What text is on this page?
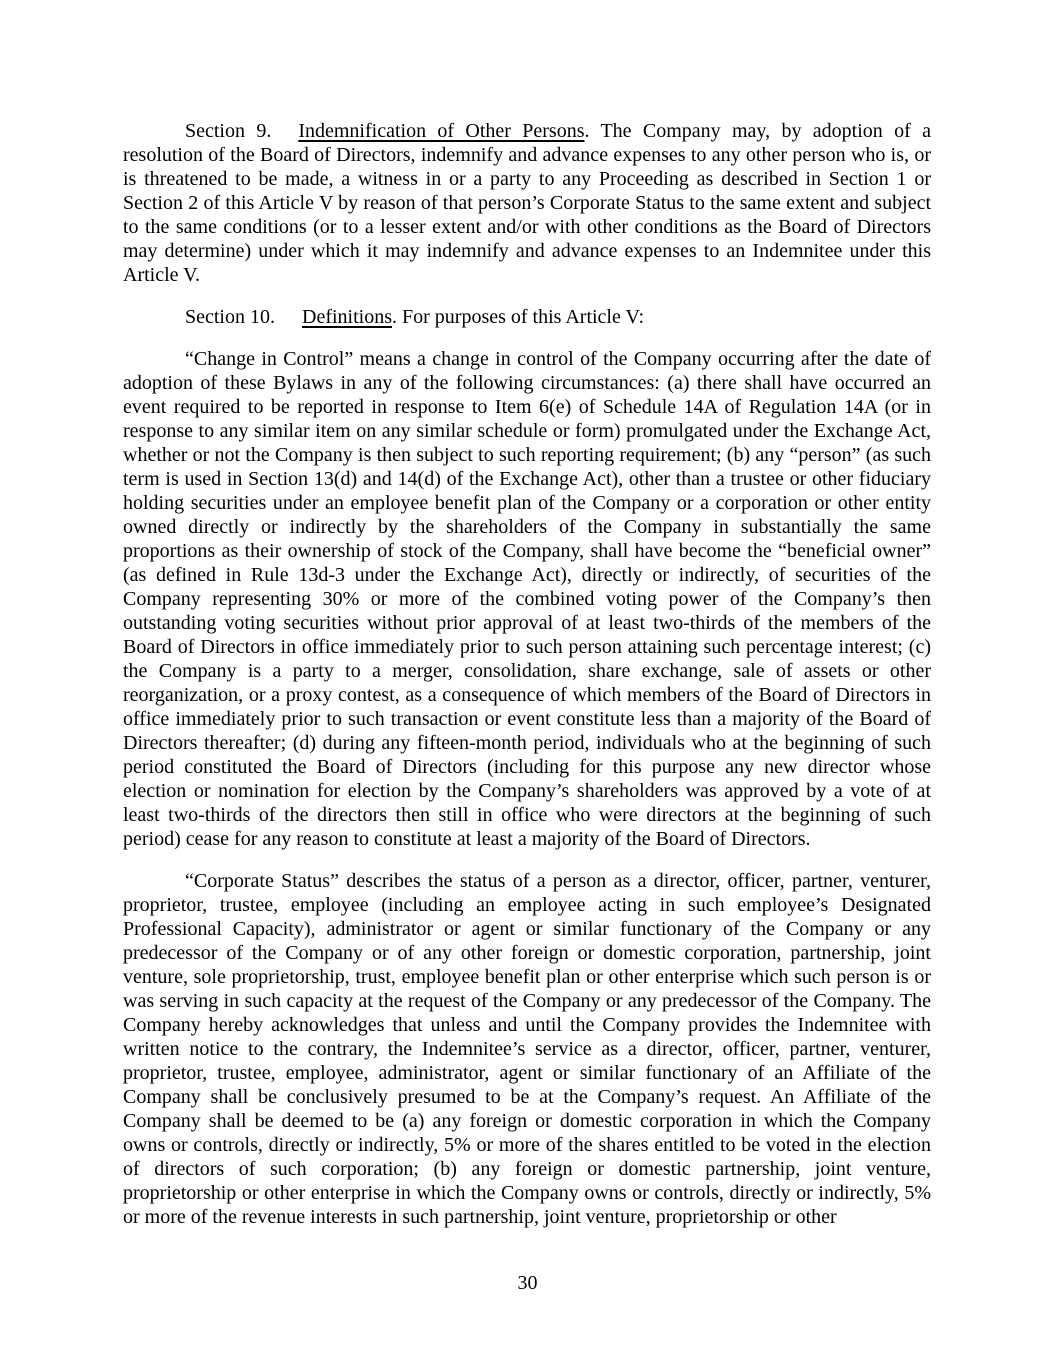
Section 9. Indemnification of Other Persons. The Company may, by adoption of a resolution of the Board of Directors, indemnify and advance expenses to any other person who is, or is threatened to be made, a witness in or a party to any Proceeding as described in Section 1 or Section 2 of this Article V by reason of that person’s Corporate Status to the same extent and subject to the same conditions (or to a lesser extent and/or with other conditions as the Board of Directors may determine) under which it may indemnify and advance expenses to an Indemnitee under this Article V.

Section 10. Definitions. For purposes of this Article V:

“Change in Control” means a change in control of the Company occurring after the date of adoption of these Bylaws in any of the following circumstances: (a) there shall have occurred an event required to be reported in response to Item 6(e) of Schedule 14A of Regulation 14A (or in response to any similar item on any similar schedule or form) promulgated under the Exchange Act, whether or not the Company is then subject to such reporting requirement; (b) any “person” (as such term is used in Section 13(d) and 14(d) of the Exchange Act), other than a trustee or other fiduciary holding securities under an employee benefit plan of the Company or a corporation or other entity owned directly or indirectly by the shareholders of the Company in substantially the same proportions as their ownership of stock of the Company, shall have become the “beneficial owner” (as defined in Rule 13d-3 under the Exchange Act), directly or indirectly, of securities of the Company representing 30% or more of the combined voting power of the Company’s then outstanding voting securities without prior approval of at least two-thirds of the members of the Board of Directors in office immediately prior to such person attaining such percentage interest; (c) the Company is a party to a merger, consolidation, share exchange, sale of assets or other reorganization, or a proxy contest, as a consequence of which members of the Board of Directors in office immediately prior to such transaction or event constitute less than a majority of the Board of Directors thereafter; (d) during any fifteen-month period, individuals who at the beginning of such period constituted the Board of Directors (including for this purpose any new director whose election or nomination for election by the Company’s shareholders was approved by a vote of at least two-thirds of the directors then still in office who were directors at the beginning of such period) cease for any reason to constitute at least a majority of the Board of Directors.

“Corporate Status” describes the status of a person as a director, officer, partner, venturer, proprietor, trustee, employee (including an employee acting in such employee’s Designated Professional Capacity), administrator or agent or similar functionary of the Company or any predecessor of the Company or of any other foreign or domestic corporation, partnership, joint venture, sole proprietorship, trust, employee benefit plan or other enterprise which such person is or was serving in such capacity at the request of the Company or any predecessor of the Company. The Company hereby acknowledges that unless and until the Company provides the Indemnitee with written notice to the contrary, the Indemnitee’s service as a director, officer, partner, venturer, proprietor, trustee, employee, administrator, agent or similar functionary of an Affiliate of the Company shall be conclusively presumed to be at the Company’s request. An Affiliate of the Company shall be deemed to be (a) any foreign or domestic corporation in which the Company owns or controls, directly or indirectly, 5% or more of the shares entitled to be voted in the election of directors of such corporation; (b) any foreign or domestic partnership, joint venture, proprietorship or other enterprise in which the Company owns or controls, directly or indirectly, 5% or more of the revenue interests in such partnership, joint venture, proprietorship or other

30
